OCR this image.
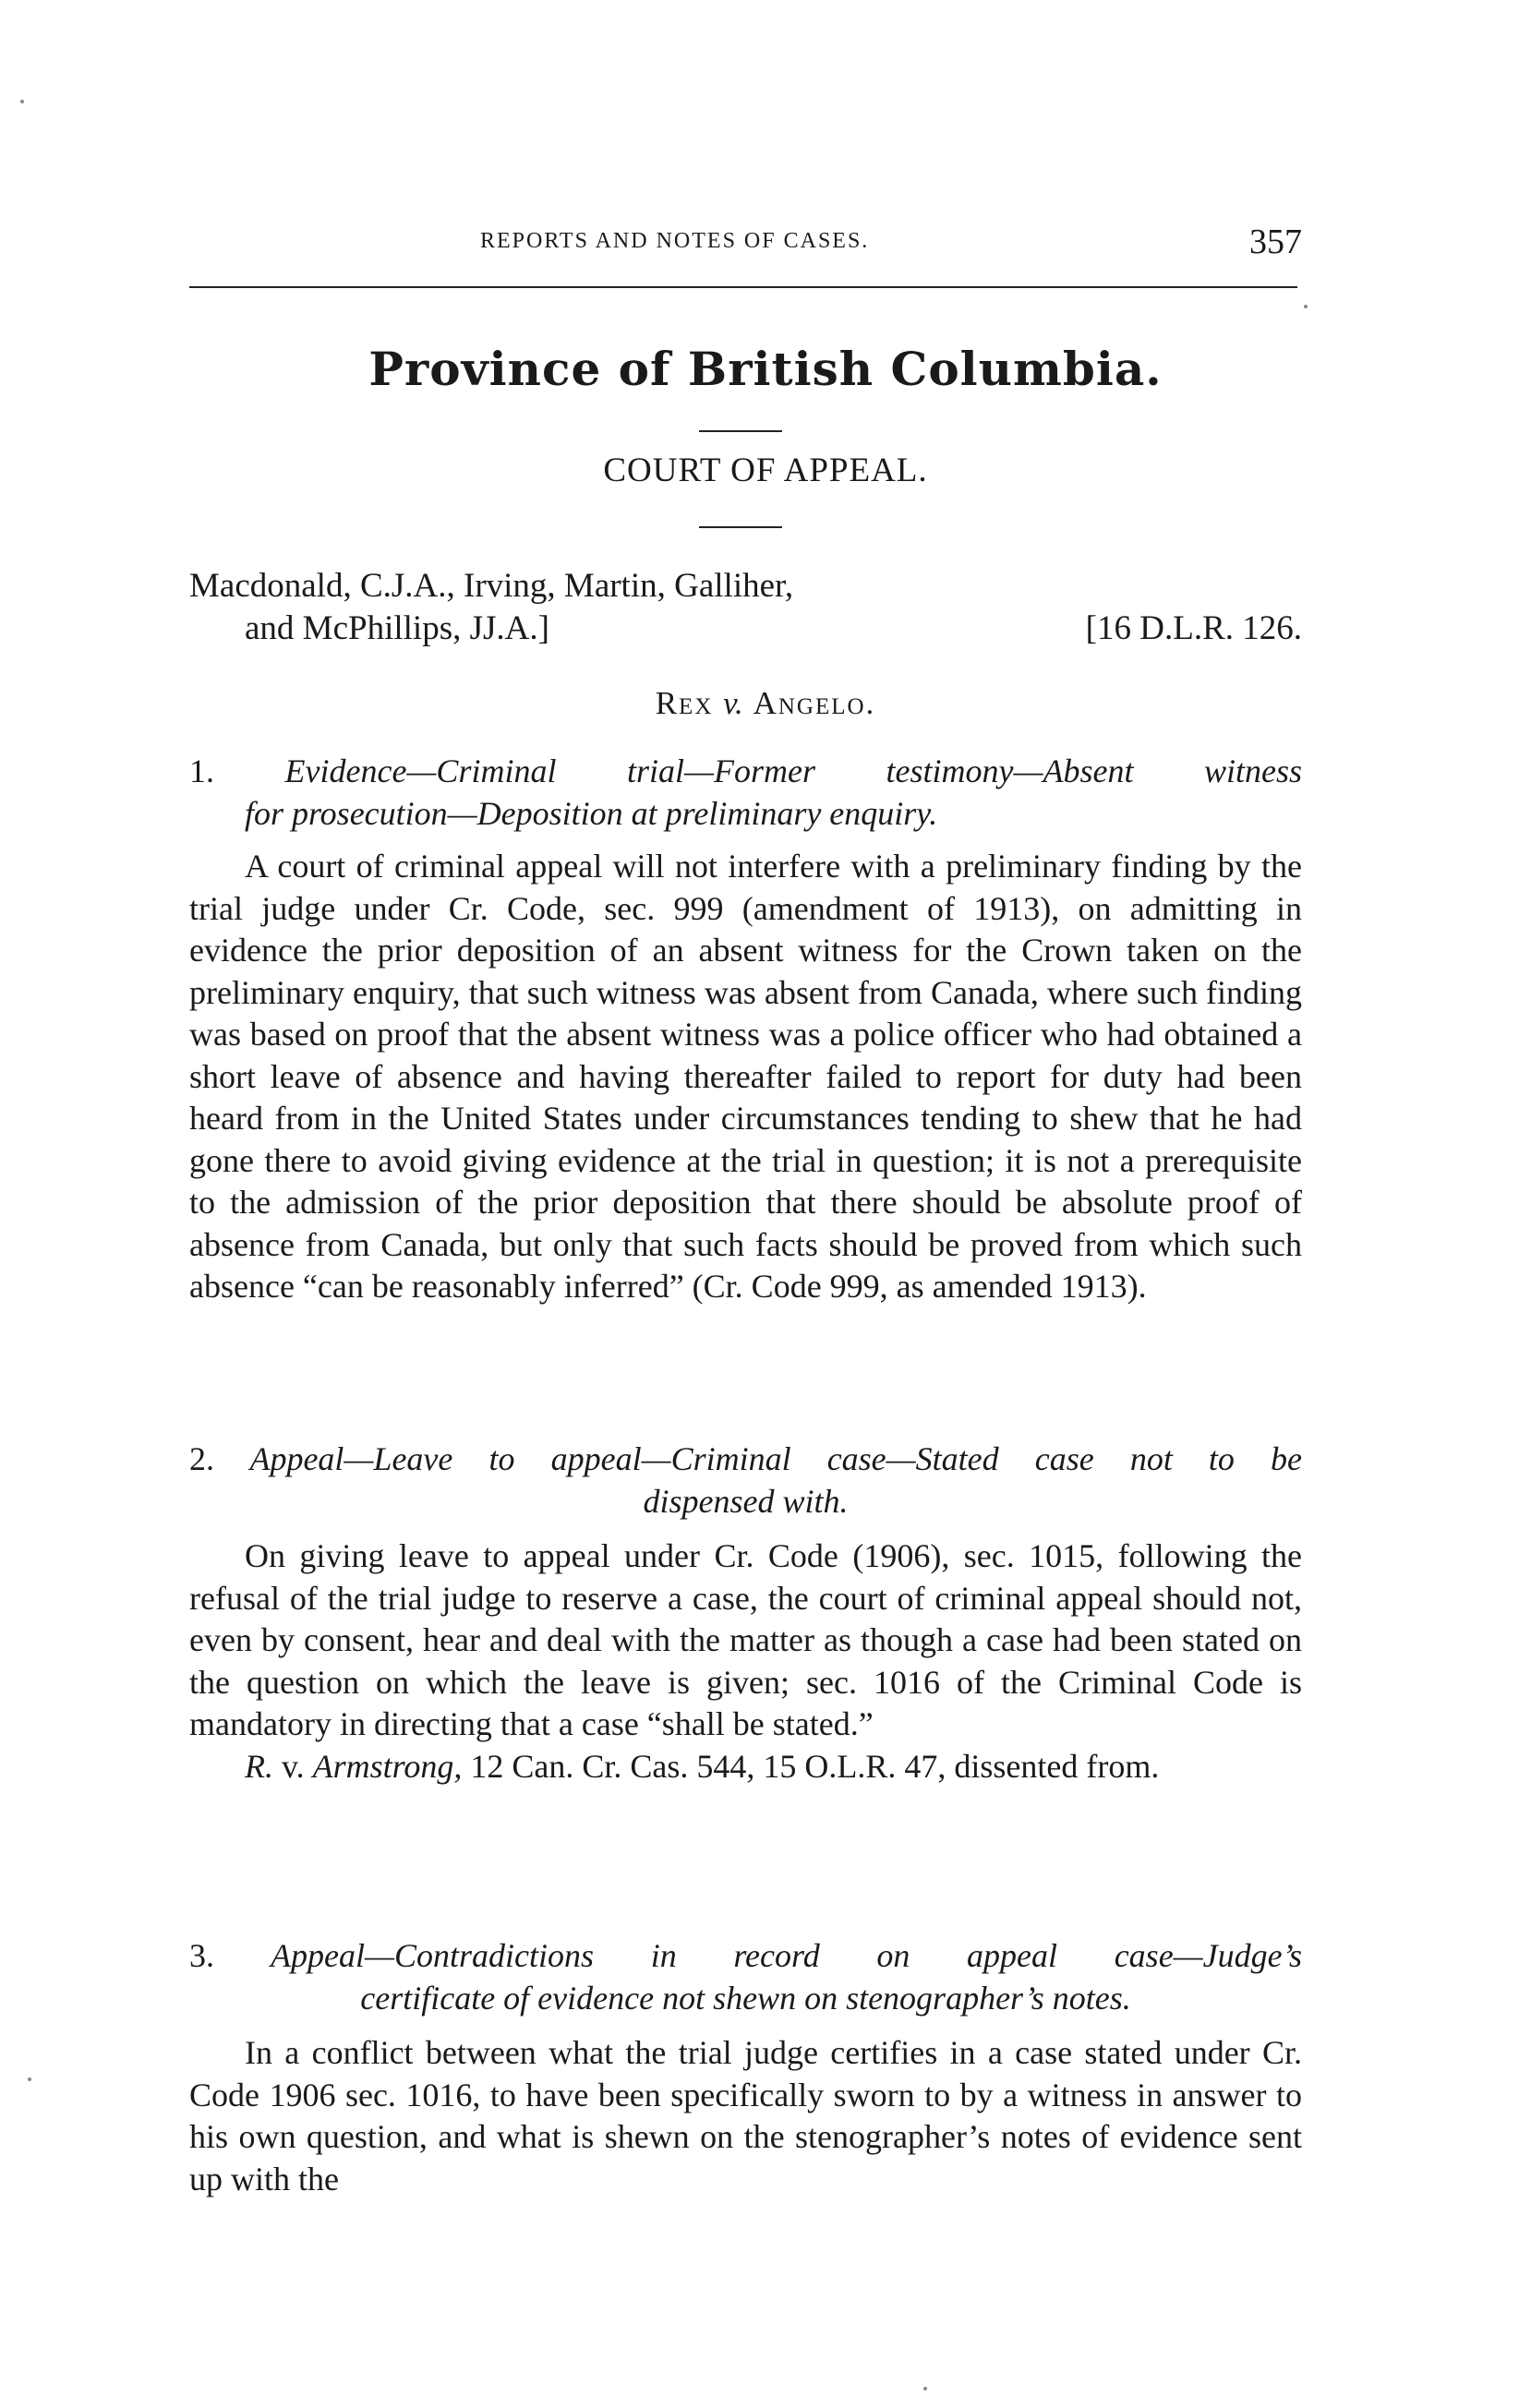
REPORTS AND NOTES OF CASES.	357
Province of British Columbia.
COURT OF APPEAL.
Macdonald, C.J.A., Irving, Martin, Galliher,
and McPhillips, JJ.A.]	[16 D.L.R. 126.
Rex v. Angelo.
1. Evidence—Criminal trial—Former testimony—Absent witness
for prosecution—Deposition at preliminary enquiry.

A court of criminal appeal will not interfere with a preliminary finding by the trial judge under Cr. Code, sec. 999 (amendment of 1913), on admitting in evidence the prior deposition of an absent witness for the Crown taken on the preliminary enquiry, that such witness was absent from Canada, where such finding was based on proof that the absent witness was a police officer who had obtained a short leave of absence and having thereafter failed to report for duty had been heard from in the United States under circumstances tending to shew that he had gone there to avoid giving evidence at the trial in question; it is not a prerequisite to the admission of the prior deposition that there should be absolute proof of absence from Canada, but only that such facts should be proved from which such absence “can be reasonably inferred” (Cr. Code 999, as amended 1913).

2. Appeal—Leave to appeal—Criminal case—Stated case not to be
dispensed with.

On giving leave to appeal under Cr. Code (1906), sec. 1015, following the refusal of the trial judge to reserve a case, the court of criminal appeal should not, even by consent, hear and deal with the matter as though a case had been stated on the question on which the leave is given; sec. 1016 of the Criminal Code is mandatory in directing that a case “shall be stated.”

R. v. Armstrong, 12 Can. Cr. Cas. 544, 15 O.L.R. 47, dissented from.

3. Appeal—Contradictions in record on appeal case—Judge’s
certificate of evidence not shewn on stenographer’s notes.

In a conflict between what the trial judge certifies in a case stated under Cr. Code 1906 sec. 1016, to have been specifically sworn to by a witness in answer to his own question, and what is shewn on the stenographer’s notes of evidence sent up with the
